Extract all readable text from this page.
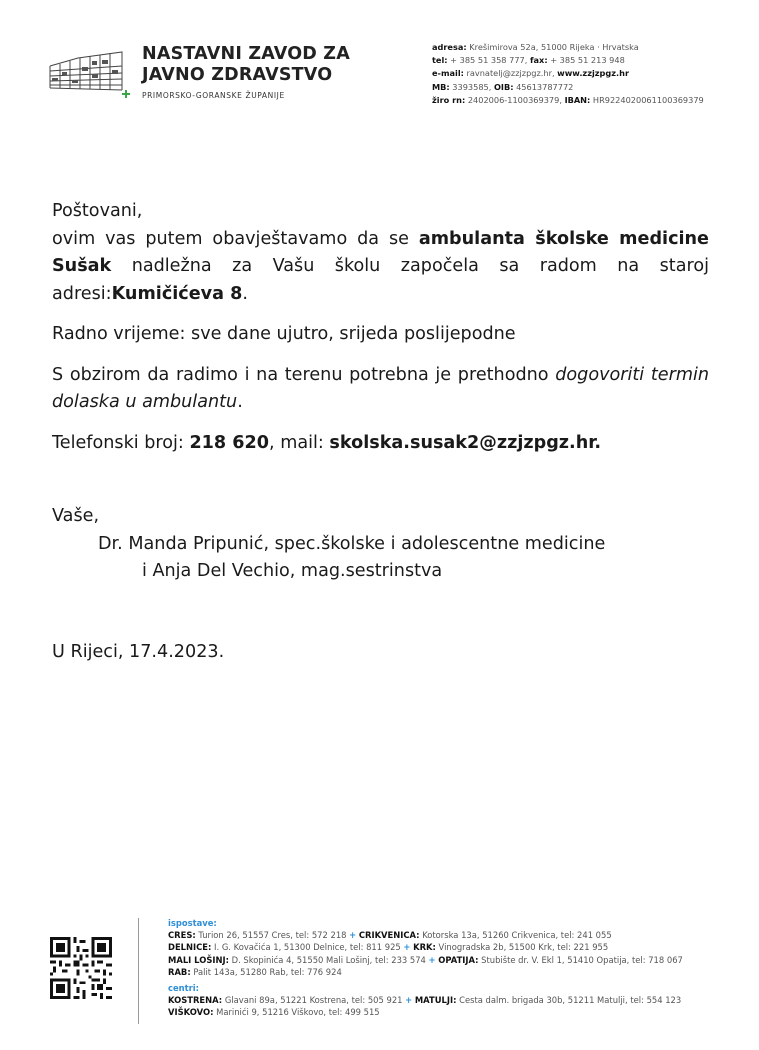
NASTAVNI ZAVOD ZA
JAVNO ZDRAVSTVO
PRIMORSKO-GORANSKE ŽUPANIJE
adresa: Krešimirova 52a, 51000 Rijeka · Hrvatska
tel: + 385 51 358 777, fax: + 385 51 213 948
e-mail: ravnatelj@zzjzpgz.hr, www.zzjzpgz.hr
MB: 3393585, OIB: 45613787772
žiro rn: 2402006-1100369379, IBAN: HR9224020061100369379

Poštovani,

ovim vas putem obavještavamo da se ambulanta školske medicine Sušak nadležna za Vašu školu započela sa radom na staroj adresi:Kumičićeva 8.

Radno vrijeme: sve dane ujutro, srijeda poslijepodne

S obzirom da radimo i na terenu potrebna je prethodno dogovoriti termin dolaska u ambulantu.

Telefonski broj: 218 620, mail: skolska.susak2@zzjzpgz.hr.

Vaše,

Dr. Manda Pripunić, spec.školske i adolescentne medicine

i Anja Del Vechio, mag.sestrinstva

U Rijeci, 17.4.2023.

ispostave:
CRES: Turion 26, 51557 Cres, tel: 572 218 + CRIKVENICA: Kotorska 13a, 51260 Crikvenica, tel: 241 055
DELNICE: I. G. Kovačića 1, 51300 Delnice, tel: 811 925 + KRK: Vinogradska 2b, 51500 Krk, tel: 221 955
MALI LOŠINJ: D. Skopinića 4, 51550 Mali Lošinj, tel: 233 574 + OPATIJA: Stubište dr. V. Ekl 1, 51410 Opatija, tel: 718 067
RAB: Palit 143a, 51280 Rab, tel: 776 924
centri:
KOSTRENA: Glavani 89a, 51221 Kostrena, tel: 505 921 + MATULJI: Cesta dalm. brigada 30b, 51211 Matulji, tel: 554 123
VIŠKOVO: Marinići 9, 51216 Viškovo, tel: 499 515
